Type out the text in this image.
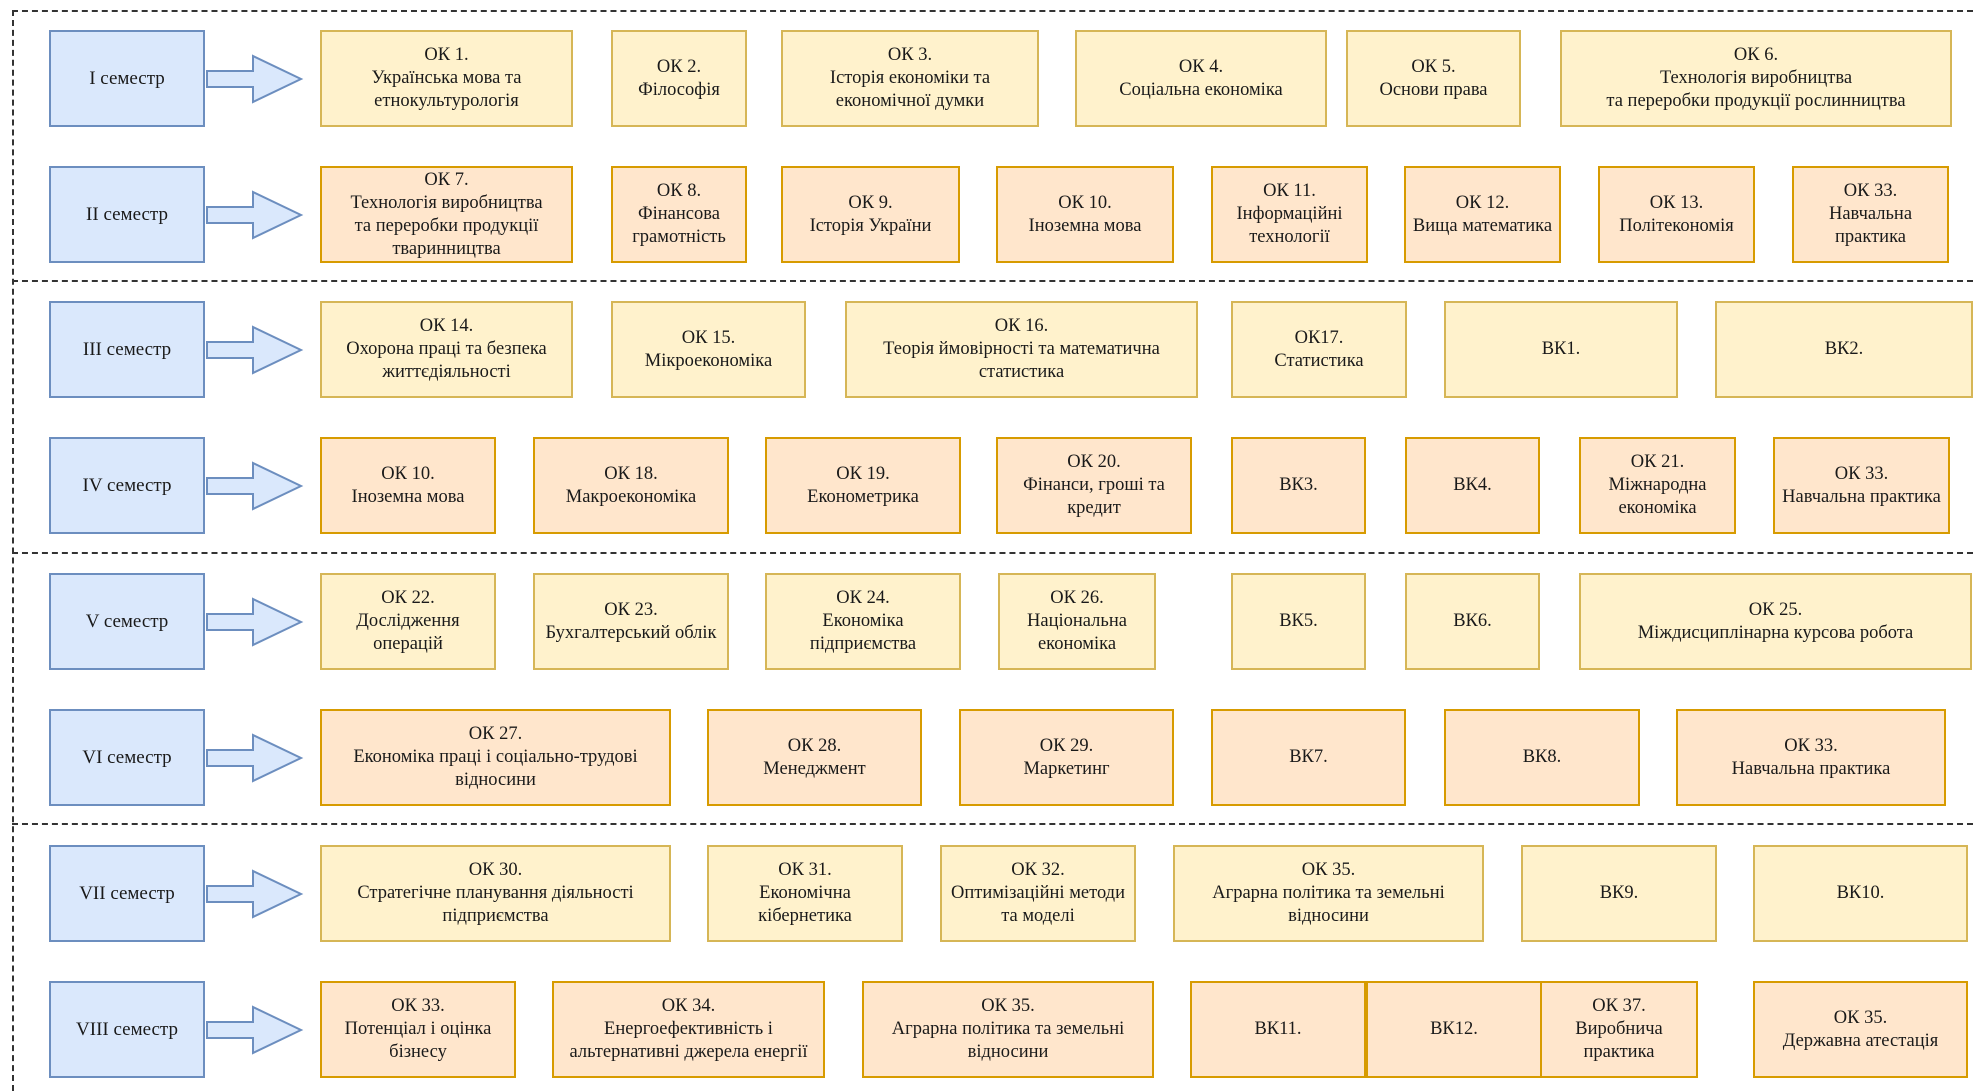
I семестр
ОК 1.
Українська мова та
етнокультурологія
ОК 2.
Філософія
ОК 3.
Історія економіки та
економічної думки
ОК 4.
Соціальна економіка
ОК 5.
Основи права
ОК 6.
Технологія виробництва
та переробки продукції рослинництва
II семестр
ОК 7.
Технологія виробництва
та переробки продукції
тваринництва
ОК 8.
Фінансова
грамотність
ОК 9.
Історія України
ОК 10.
Іноземна мова
ОК 11.
Інформаційні
технології
ОК 12.
Вища математика
ОК 13.
Політекономія
ОК 33.
Навчальна
практика
III семестр
ОК 14.
Охорона праці та безпека
життєдіяльності
ОК 15.
Мікроекономіка
ОК 16.
Теорія ймовірності та математична
статистика
ОК17.
Статистика
ВК1.	ВК2.
IV семестр
ОК 10.
Іноземна мова
ОК 18.
Макроекономіка
ОК 19.
Економетрика
ОК 20.
Фінанси, гроші та
кредит
ВК3.	ВК4.
ОК 21.
Міжнародна
економіка
ОК 33.
Навчальна практика
V семестр
ОК 22.
Дослідження
операцій
ОК 23.
Бухгалтерський облік
ОК 24.
Економіка
підприємства
ОК 26.
Національна
економіка
ВК5.	ВК6.
ОК 25.
Міждисциплінарна курсова робота
VI семестр
ОК 27.
Економіка праці і соціально-трудові
відносини
ОК 28.
Менеджмент
ОК 29.
Маркетинг
ВК7.	ВК8.
ОК 33.
Навчальна практика
VII семестр
ОК 30.
Стратегічне планування діяльності
підприємства
ОК 31.
Економічна
кібернетика
ОК 32.
Оптимізаційні методи
та моделі
ОК 35.
Аграрна політика та земельні
відносини
ВК9.	ВК10.
VIII семестр
ОК 33.
Потенціал і оцінка
бізнесу
ОК 34.
Енергоефективність і
альтернативні джерела енергії
ОК 35.
Аграрна політика та земельні
відносини
ВК11.	ВК12.
ОК 37.
Виробнича
практика
ОК 35.
Державна атестація
